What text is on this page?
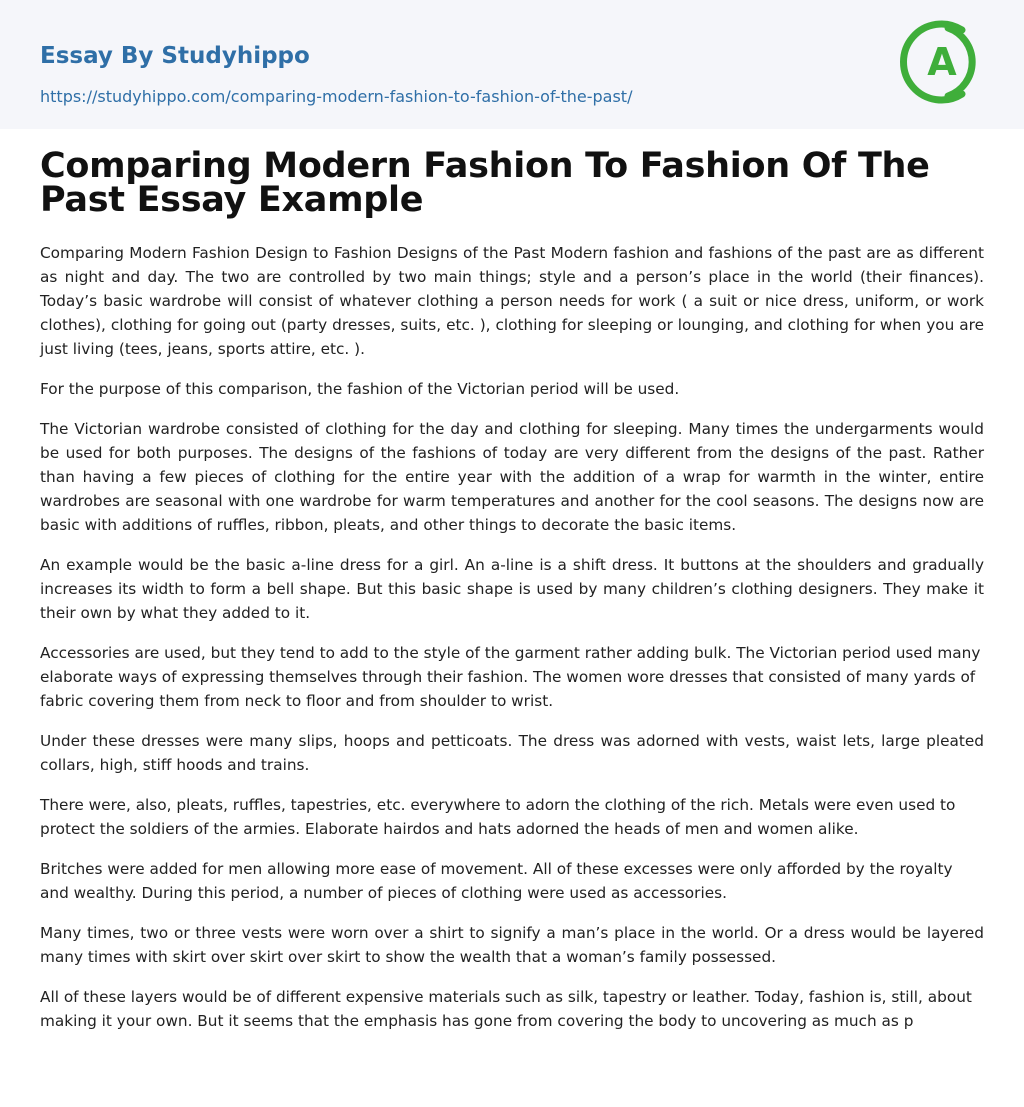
Essay By Studyhippo
https://studyhippo.com/comparing-modern-fashion-to-fashion-of-the-past/
A
Comparing Modern Fashion To Fashion Of The Past Essay Example

Comparing Modern Fashion Design to Fashion Designs of the Past Modern fashion and fashions of the past are as different as night and day. The two are controlled by two main things; style and a person’s place in the world (their finances). Today’s basic wardrobe will consist of whatever clothing a person needs for work ( a suit or nice dress, uniform, or work clothes), clothing for going out (party dresses, suits, etc. ), clothing for sleeping or lounging, and clothing for when you are just living (tees, jeans, sports attire, etc. ).

For the purpose of this comparison, the fashion of the Victorian period will be used.

The Victorian wardrobe consisted of clothing for the day and clothing for sleeping. Many times the undergarments would be used for both purposes. The designs of the fashions of today are very different from the designs of the past. Rather than having a few pieces of clothing for the entire year with the addition of a wrap for warmth in the winter, entire wardrobes are seasonal with one wardrobe for warm temperatures and another for the cool seasons. The designs now are basic with additions of ruffles, ribbon, pleats, and other things to decorate the basic items.

An example would be the basic a-line dress for a girl. An a-line is a shift dress. It buttons at the shoulders and gradually increases its width to form a bell shape. But this basic shape is used by many children’s clothing designers. They make it their own by what they added to it.

Accessories are used, but they tend to add to the style of the garment rather adding bulk. The Victorian period used many elaborate ways of expressing themselves through their fashion. The women wore dresses that consisted of many yards of fabric covering them from neck to floor and from shoulder to wrist.

Under these dresses were many slips, hoops and petticoats. The dress was adorned with vests, waist lets, large pleated collars, high, stiff hoods and trains.

There were, also, pleats, ruffles, tapestries, etc. everywhere to adorn the clothing of the rich. Metals were even used to protect the soldiers of the armies. Elaborate hairdos and hats adorned the heads of men and women alike.

Britches were added for men allowing more ease of movement. All of these excesses were only afforded by the royalty and wealthy. During this period, a number of pieces of clothing were used as accessories.

Many times, two or three vests were worn over a shirt to signify a man’s place in the world. Or a dress would be layered many times with skirt over skirt over skirt to show the wealth that a woman’s family possessed.

All of these layers would be of different expensive materials such as silk, tapestry or leather. Today, fashion is, still, about making it your own. But it seems that the emphasis has gone from covering the body to uncovering as much as p
